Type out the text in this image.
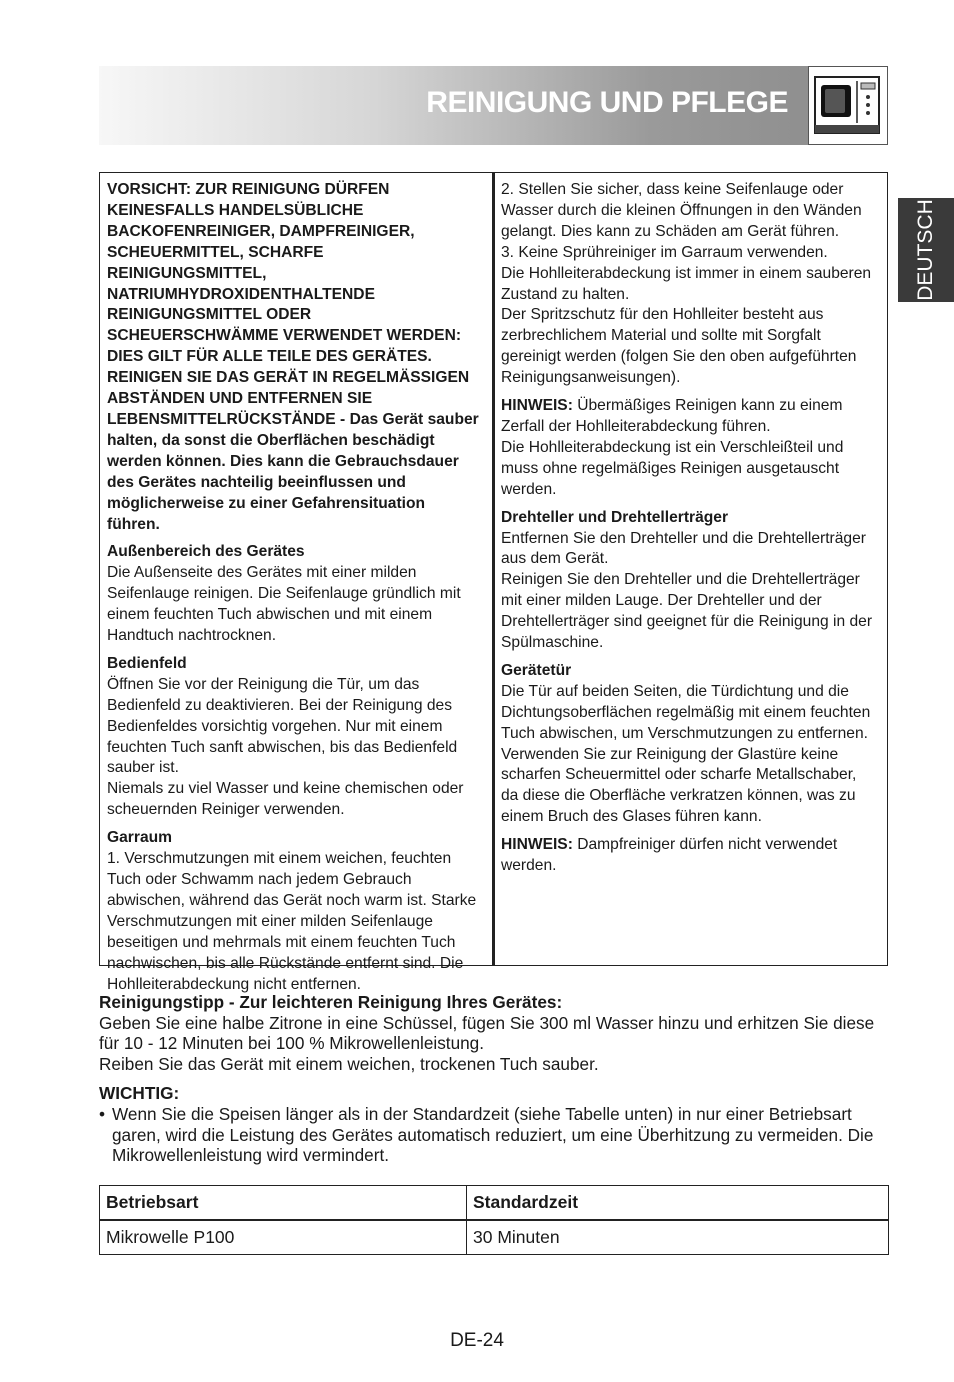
REINIGUNG UND PFLEGE
DEUTSCH

VORSICHT: ZUR REINIGUNG DÜRFEN KEINESFALLS HANDELSÜBLICHE BACKOFENREINIGER, DAMPFREINIGER, SCHEUERMITTEL, SCHARFE REINIGUNGSMITTEL, NATRIUMHYDROXIDENTHALTENDE REINIGUNGSMITTEL ODER SCHEUERSCHWÄMME VERWENDET WERDEN: DIES GILT FÜR ALLE TEILE DES GERÄTES. REINIGEN SIE DAS GERÄT IN REGELMÄSSIGEN ABSTÄNDEN UND ENTFERNEN SIE LEBENSMITTELRÜCKSTÄNDE - Das Gerät sauber halten, da sonst die Oberflächen beschädigt werden können. Dies kann die Gebrauchsdauer des Gerätes nachteilig beeinflussen und möglicherweise zu einer Gefahrensituation führen.

Außenbereich des Gerätes
Die Außenseite des Gerätes mit einer milden Seifenlauge reinigen. Die Seifenlauge gründlich mit einem feuchten Tuch abwischen und mit einem Handtuch nachtrocknen.

Bedienfeld
Öffnen Sie vor der Reinigung die Tür, um das Bedienfeld zu deaktivieren. Bei der Reinigung des Bedienfeldes vorsichtig vorgehen. Nur mit einem feuchten Tuch sanft abwischen, bis das Bedienfeld sauber ist.
Niemals zu viel Wasser und keine chemischen oder scheuernden Reiniger verwenden.

Garraum
1. Verschmutzungen mit einem weichen, feuchten Tuch oder Schwamm nach jedem Gebrauch abwischen, während das Gerät noch warm ist. Starke Verschmutzungen mit einer milden Seifenlauge beseitigen und mehrmals mit einem feuchten Tuch nachwischen, bis alle Rückstände entfernt sind. Die Hohlleiterabdeckung nicht entfernen.

2. Stellen Sie sicher, dass keine Seifenlauge oder Wasser durch die kleinen Öffnungen in den Wänden gelangt. Dies kann zu Schäden am Gerät führen.
3. Keine Sprühreiniger im Garraum verwenden.
Die Hohlleiterabdeckung ist immer in einem sauberen Zustand zu halten.
Der Spritzschutz für den Hohlleiter besteht aus zerbrechlichem Material und sollte mit Sorgfalt gereinigt werden (folgen Sie den oben aufgeführten Reinigungsanweisungen).

HINWEIS: Übermäßiges Reinigen kann zu einem Zerfall der Hohlleiterabdeckung führen.
Die Hohlleiterabdeckung ist ein Verschleißteil und muss ohne regelmäßiges Reinigen ausgetauscht werden.

Drehteller und Drehtellerträger
Entfernen Sie den Drehteller und die Drehtellerträger aus dem Gerät.
Reinigen Sie den Drehteller und die Drehtellerträger mit einer milden Lauge. Der Drehteller und der Drehtellerträger sind geeignet für die Reinigung in der Spülmaschine.

Gerätetür
Die Tür auf beiden Seiten, die Türdichtung und die Dichtungsoberflächen regelmäßig mit einem feuchten Tuch abwischen, um Verschmutzungen zu entfernen. Verwenden Sie zur Reinigung der Glastüre keine scharfen Scheuermittel oder scharfe Metallschaber, da diese die Oberfläche verkratzen können, was zu einem Bruch des Glases führen kann.

HINWEIS: Dampfreiniger dürfen nicht verwendet werden.

Reinigungstipp - Zur leichteren Reinigung Ihres Gerätes:

Geben Sie eine halbe Zitrone in eine Schüssel, fügen Sie 300 ml Wasser hinzu und erhitzen Sie diese für 10 - 12 Minuten bei 100 % Mikrowellenleistung.

Reiben Sie das Gerät mit einem weichen, trockenen Tuch sauber.

WICHTIG:

• Wenn Sie die Speisen länger als in der Standardzeit (siehe Tabelle unten) in nur einer Betriebsart garen, wird die Leistung des Gerätes automatisch reduziert, um eine Überhitzung zu vermeiden. Die Mikrowellenleistung wird vermindert.
Betriebsart	Standardzeit
Mikrowelle P100	30 Minuten
DE-24
